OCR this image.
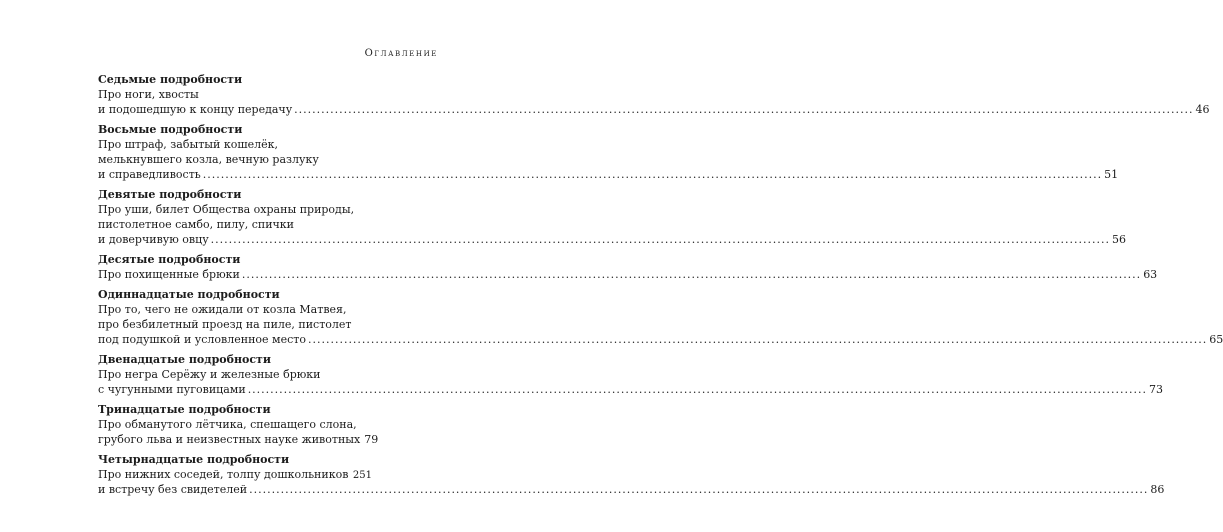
Оглавление
Седьмые подробности
Про ноги, хвосты
и подошедшую к концу передачу ........................................................................................................................................................................................................ 46
Восьмые подробности
Про штраф, забытый кошелёк,
мелькнувшего козла, вечную разлуку
и справедливость ........................................................................................................................................................................................................ 51
Девятые подробности
Про уши, билет Общества охраны природы,
пистолетное самбо, пилу, спички
и доверчивую овцу ........................................................................................................................................................................................................ 56
Десятые подробности
Про похищенные брюки ........................................................................................................................................................................................................ 63
Одиннадцатые подробности
Про то, чего не ожидали от козла Матвея,
про безбилетный проезд на пиле, пистолет
под подушкой и условленное место ........................................................................................................................................................................................................ 65
Двенадцатые подробности
Про негра Серёжу и железные брюки
с чугунными пуговицами ........................................................................................................................................................................................................ 73
Тринадцатые подробности
Про обманутого лётчика, спешащего слона,
грубого льва и неизвестных науке животных 79
Четырнадцатые подробности
Про нижних соседей, толпу дошкольников
и встречу без свидетелей ........................................................................................................................................................................................................ 86
251
